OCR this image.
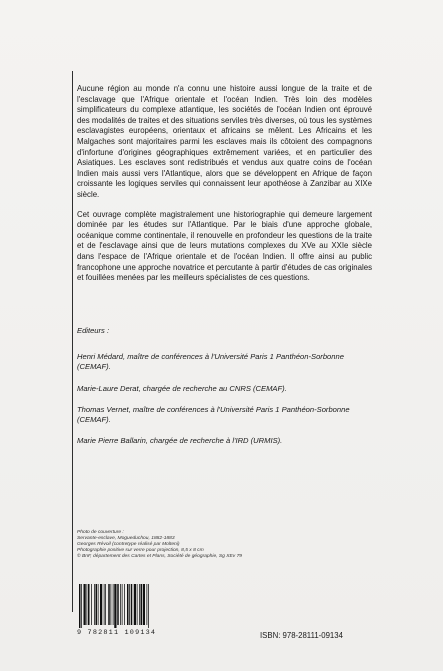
Aucune région au monde n'a connu une histoire aussi longue de la traite et de l'esclavage que l'Afrique orientale et l'océan Indien. Très loin des modèles simplificateurs du complexe atlantique, les sociétés de l'océan Indien ont éprouvé des modalités de traites et des situations serviles très diverses, où tous les systèmes esclavagistes européens, orientaux et africains se mêlent. Les Africains et les Malgaches sont majoritaires parmi les esclaves mais ils côtoient des compagnons d'infortune d'origines géographiques extrêmement variées, et en particulier des Asiatiques. Les esclaves sont redistribués et vendus aux quatre coins de l'océan Indien mais aussi vers l'Atlantique, alors que se développent en Afrique de façon croissante les logiques serviles qui connaissent leur apothéose à Zanzibar au XIXe siècle.

Cet ouvrage complète magistralement une historiographie qui demeure largement dominée par les études sur l'Atlantique. Par le biais d'une approche globale, océanique comme continentale, il renouvelle en profondeur les questions de la traite et de l'esclavage ainsi que de leurs mutations complexes du XVe au XXIe siècle dans l'espace de l'Afrique orientale et de l'océan Indien. Il offre ainsi au public francophone une approche novatrice et percutante à partir d'études de cas originales et fouillées menées par les meilleurs spécialistes de ces questions.

Editeurs :

Henri Médard, maître de conférences à l'Université Paris 1 Panthéon-Sorbonne (CEMAF).

Marie-Laure Derat, chargée de recherche au CNRS (CEMAF).

Thomas Vernet, maître de conférences à l'Université Paris 1 Panthéon-Sorbonne (CEMAF).

Marie Pierre Ballarin, chargée de recherche à l'IRD (URMIS).

Photo de couverture :
Servante-esclave, Mogueduchou, 1882-1883
Georges Révoil (contretype réalisé par Molteni)
Photographie positive sur verre pour projection, 8,5 x 8 cm
© BnF, département des Cartes et Plans, Société de géographie, Sg XEv 79
9 782811 109134	ISBN: 978-28111-09134
